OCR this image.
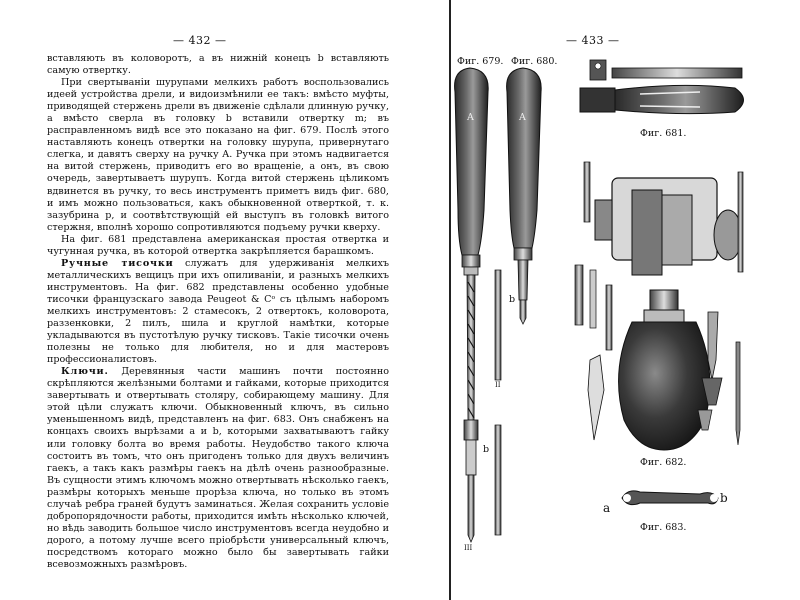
— 432 —	— 433 —

вставляють въ коловоротъ, а въ нижній конецъ b вставляють самую отвертку.

При свертываніи шурупами мелкихъ работъ воспользовались идеей устройства дрели, и видоизмѣнили ее такъ: вмѣсто муфты, приводящей стержень дрели въ движеніе сдѣлали длинную ручку, а вмѣсто сверла въ головку b вставили отвертку m; въ расправленномъ видѣ все это показано на фиг. 679. Послѣ этого наставляють конецъ отвертки на головку шурупа, привернутаго слегка, и давятъ сверху на ручку A. Ручка при этомъ надвигается на витой стержень, приводитъ его во вращеніе, а онъ, въ свою очередь, завертываетъ шурупъ. Когда витой стержень цѣликомъ вдвинется въ ручку, то весь инструментъ приметъ видъ фиг. 680, и имъ можно пользоваться, какъ обыкновенной отверткой, т. к. зазубрина p, и соотвѣтствующій ей выступъ въ головкѣ витого стержня, вполнѣ хорошо сопротивляются подъему ручки кверху.

На фиг. 681 представлена американская простая отвертка и чугунная ручка, въ которой отвертка закрѣпляется барашкомъ.

Ручные тисочки служатъ для удерживанія мелкихъ металлическихъ вещицъ при ихъ опиливаніи, и разныхъ мелкихъ инструментовъ. На фиг. 682 представлены особенно удобные тисочки французскаго завода Peugeot & Cᵒ съ цѣлымъ наборомъ мелкихъ инструментовъ: 2 стамесокъ, 2 отвертокъ, коловорота, раззенковки, 2 пилъ, шила и круглой намѣтки, которые укладываются въ пустотѣлую ручку тисковъ. Такіе тисочки очень полезны не только для любителя, но и для мастеровъ профессионалистовъ.

Ключи. Деревянныя части машинъ почти постоянно скрѣпляются желѣзными болтами и гайками, которые приходится завертывать и отвертывать столяру, собирающему машину. Для этой цѣли служатъ ключи. Обыкновенный ключъ, въ сильно уменьшенномъ видѣ, представленъ на фиг. 683. Онъ снабженъ на концахъ своихъ вырѣзами a и b, которыми захватываютъ гайку или головку болта во время работы. Неудобство такого ключа состоитъ въ томъ, что онъ пригоденъ только для двухъ величинъ гаекъ, а такъ какъ размѣры гаекъ на дѣлѣ очень разнообразные. Въ сущности этимъ ключомъ можно отвертывать нѣсколько гаекъ, размѣры которыхъ меньше прорѣза ключа, но только въ этомъ случаѣ ребра граней будутъ заминаться. Желая сохранить условіе добропорядочности работы, приходится имѣть нѣсколько ключей, но вѣдь заводить большое число инструментовъ всегда неудобно и дорого, а потому лучше всего пріобрѣсти универсальный ключъ, посредствомъ котораго можно было бы завертывать гайки всевозможныхъ размѣровъ.

Фиг. 679. Фиг. 680.
Фиг. 681.
Фиг. 682.
Фиг. 683.
A	A
b
b
II
III
a
b
